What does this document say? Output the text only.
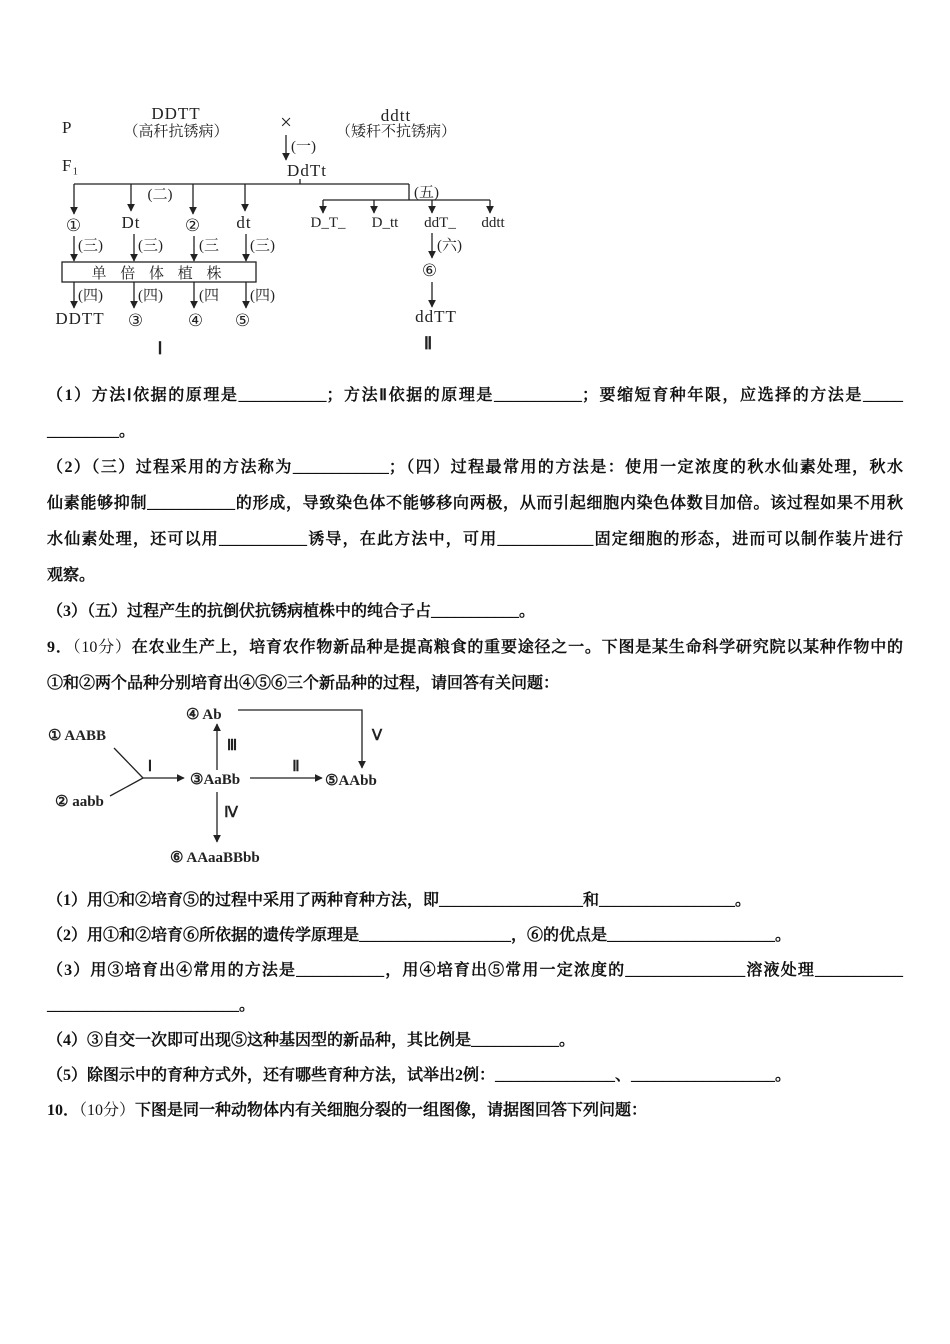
P
F₁
DDTT
（高秆抗锈病） ×	ddtt
（矮秆不抗锈病）
(一)
DdTt
(二)	(五)
① Dt	② dt
(三) (三) (三 (三)
单 倍 体 植 株
(四) (四) (四 (四)
DDTT ③	④ ⑤
Ⅰ
D_T_ D_tt ddT_ ddtt
(六)
⑥
ddTT
Ⅱ
（1）方法Ⅰ依据的原理是___________；方法Ⅱ依据的原理是___________；要缩短育种年限，应选择的方法是_____
_________。
（2）（三）过程采用的方法称为____________；（四）过程最常用的方法是：使用一定浓度的秋水仙素处理，秋水
仙素能够抑制___________的形成，导致染色体不能够移向两极，从而引起细胞内染色体数目加倍。该过程如果不用秋
水仙素处理，还可以用___________诱导，在此方法中，可用____________固定细胞的形态，进而可以制作装片进行
观察。
（3）（五）过程产生的抗倒伏抗锈病植株中的纯合子占___________。
9．（10分）在农业生产上，培育农作物新品种是提高粮食的重要途径之一。下图是某生命科学研究院以某种作物中的
①和②两个品种分别培育出④⑤⑥三个新品种的过程，请回答有关问题：
① AABB
② aabb
Ⅰ
③AaBb
Ⅱ
⑤AAbb
Ⅲ
④ Ab
Ⅴ
Ⅳ
⑥ AAaaBBbb
（1）用①和②培育⑤的过程中采用了两种育种方法，即__________________和_________________。
（2）用①和②培育⑥所依据的遗传学原理是___________________，⑥的优点是_____________________。
（3）用③培育出④常用的方法是___________，用④培育出⑤常用一定浓度的_______________溶液处理___________
________________________。
（4）③自交一次即可出现⑤这种基因型的新品种，其比例是___________。
（5）除图示中的育种方式外，还有哪些育种方法，试举出2例：_______________、__________________。
10．（10分）下图是同一种动物体内有关细胞分裂的一组图像，请据图回答下列问题：
